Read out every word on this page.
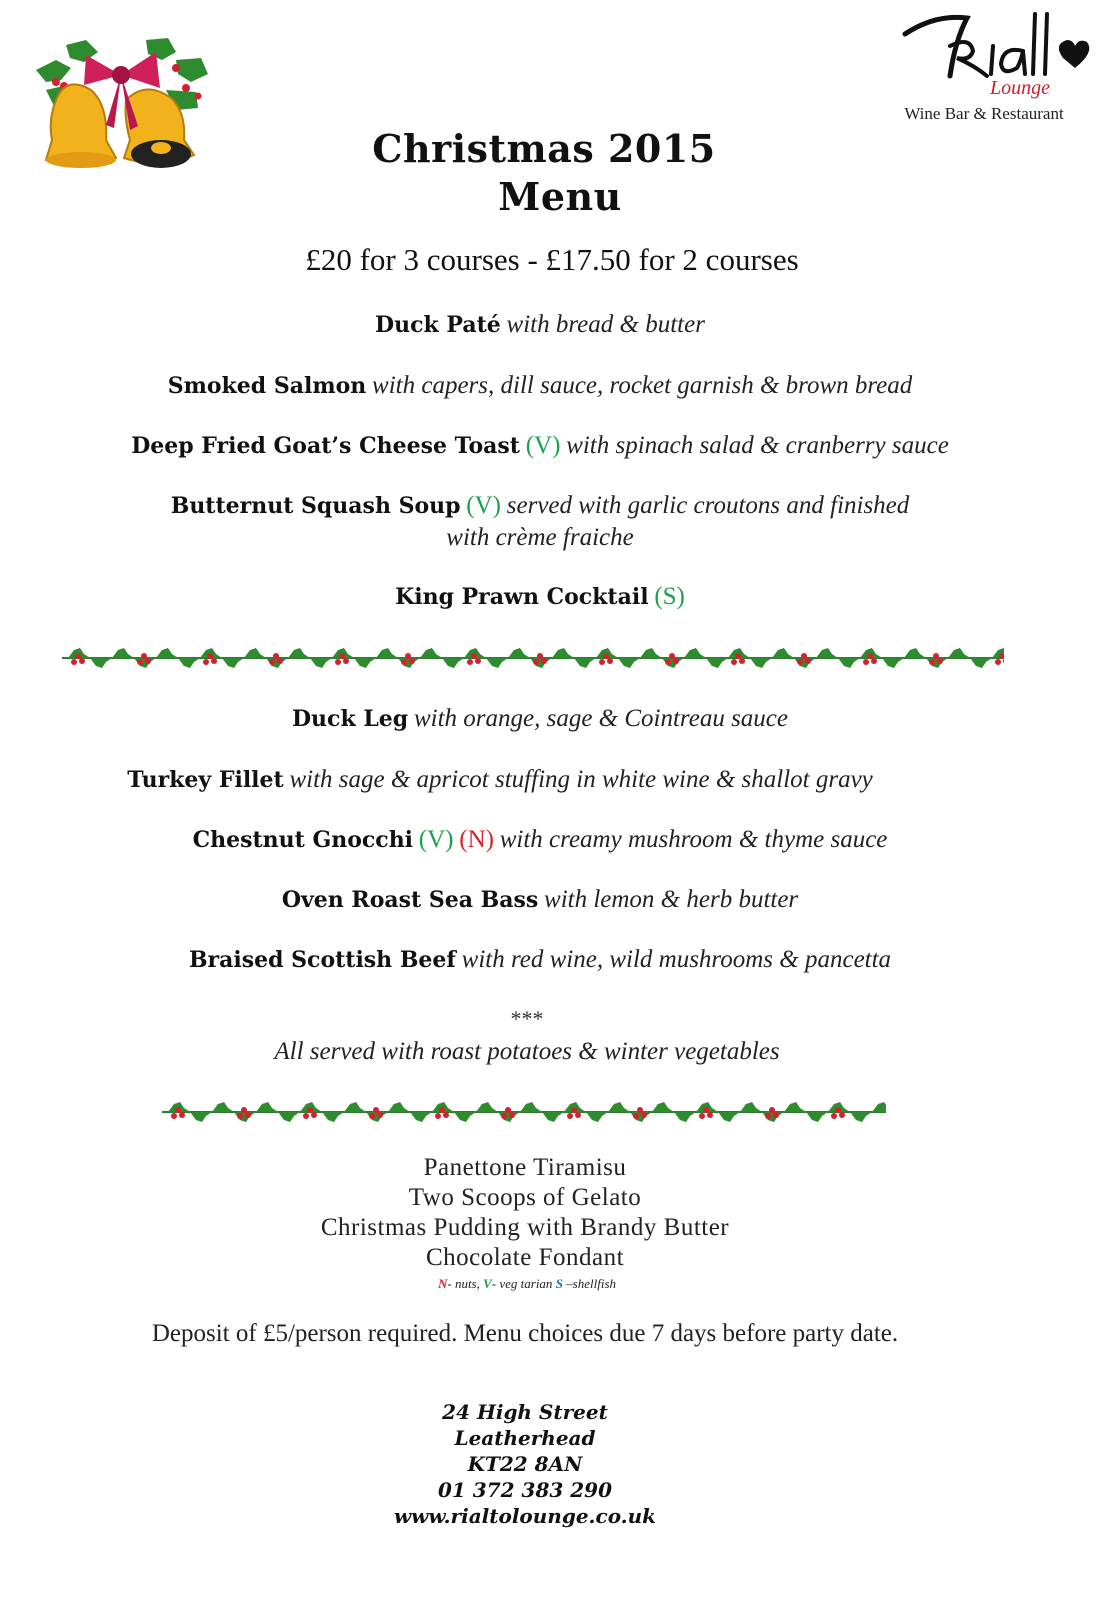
Lounge
Wine Bar & Restaurant
Christmas 2015
Menu
£20 for 3 courses - £17.50 for 2 courses
Duck Paté with bread & butter
Smoked Salmon with capers, dill sauce, rocket garnish & brown bread
Deep Fried Goat’s Cheese Toast (V) with spinach salad & cranberry sauce
Butternut Squash Soup (V) served with garlic croutons and finished
with crème fraiche
King Prawn Cocktail (S)
Duck Leg with orange, sage & Cointreau sauce
Turkey Fillet with sage & apricot stuffing in white wine & shallot gravy
Chestnut Gnocchi (V) (N) with creamy mushroom & thyme sauce
Oven Roast Sea Bass with lemon & herb butter
Braised Scottish Beef with red wine, wild mushrooms & pancetta
***
All served with roast potatoes & winter vegetables
Panettone Tiramisu
Two Scoops of Gelato
Christmas Pudding with Brandy Butter
Chocolate Fondant
N- nuts, V- veg tarian S –shellfish
Deposit of £5/person required. Menu choices due 7 days before party date.
24 High Street
Leatherhead
KT22 8AN
01 372 383 290
www.rialtolounge.co.uk
